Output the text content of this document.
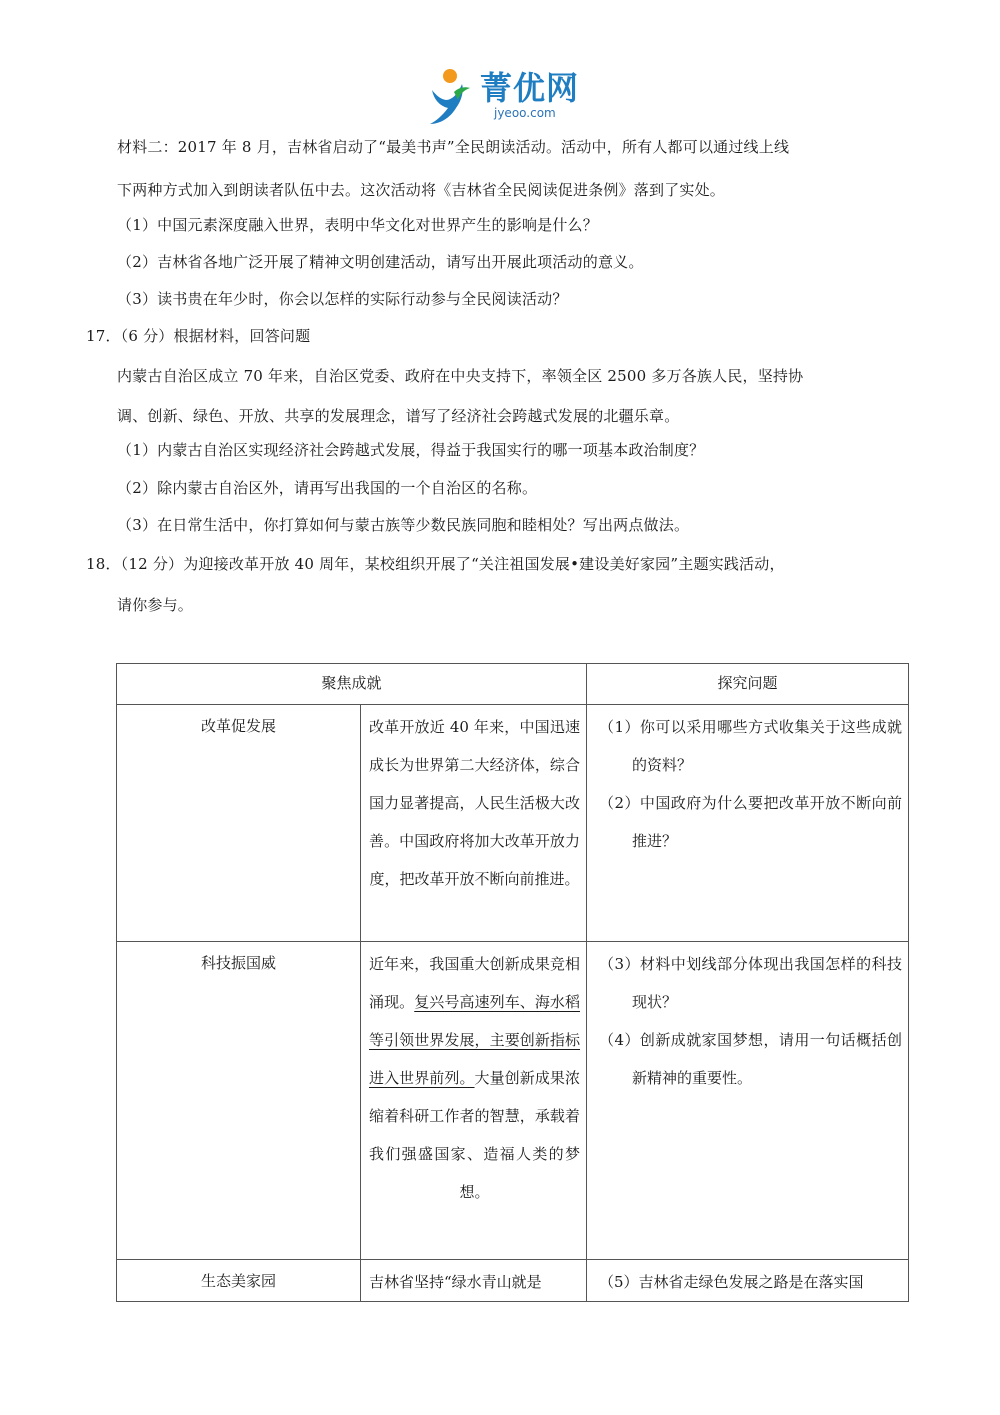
菁优网
jyeoo.com
材料二：2017 年 8 月，吉林省启动了“最美书声”全民朗读活动。活动中，所有人都可以通过线上线
下两种方式加入到朗读者队伍中去。这次活动将《吉林省全民阅读促进条例》落到了实处。
（1）中国元素深度融入世界，表明中华文化对世界产生的影响是什么？
（2）吉林省各地广泛开展了精神文明创建活动，请写出开展此项活动的意义。
（3）读书贵在年少时，你会以怎样的实际行动参与全民阅读活动？
17．（6 分）根据材料，回答问题
内蒙古自治区成立 70 年来，自治区党委、政府在中央支持下，率领全区 2500 多万各族人民，坚持协
调、创新、绿色、开放、共享的发展理念，谱写了经济社会跨越式发展的北疆乐章。
（1）内蒙古自治区实现经济社会跨越式发展，得益于我国实行的哪一项基本政治制度？
（2）除内蒙古自治区外，请再写出我国的一个自治区的名称。
（3）在日常生活中，你打算如何与蒙古族等少数民族同胞和睦相处？写出两点做法。
18．（12 分）为迎接改革开放 40 周年，某校组织开展了“关注祖国发展•建设美好家园”主题实践活动，
请你参与。
聚焦成就		探究问题
改革促发展	改革开放近 40 年来，中国迅速成长为世界第二大经济体，综合国力显著提高，人民生活极大改善。中国政府将加大改革开放力度，把改革开放不断向前推进。	（1）你可以采用哪些方式收集关于这些成就的资料？
（2）中国政府为什么要把改革开放不断向前推进？

科技振国威	近年来，我国重大创新成果竞相涌现。复兴号高速列车、海水稻等引领世界发展，主要创新指标进入世界前列。大量创新成果浓缩着科研工作者的智慧，承载着我们强盛国家、造福人类的梦想。	（3）材料中划线部分体现出我国怎样的科技现状？
（4）创新成就家国梦想，请用一句话概括创新精神的重要性。

生态美家园	吉林省坚持“绿水青山就是	（5）吉林省走绿色发展之路是在落实国
